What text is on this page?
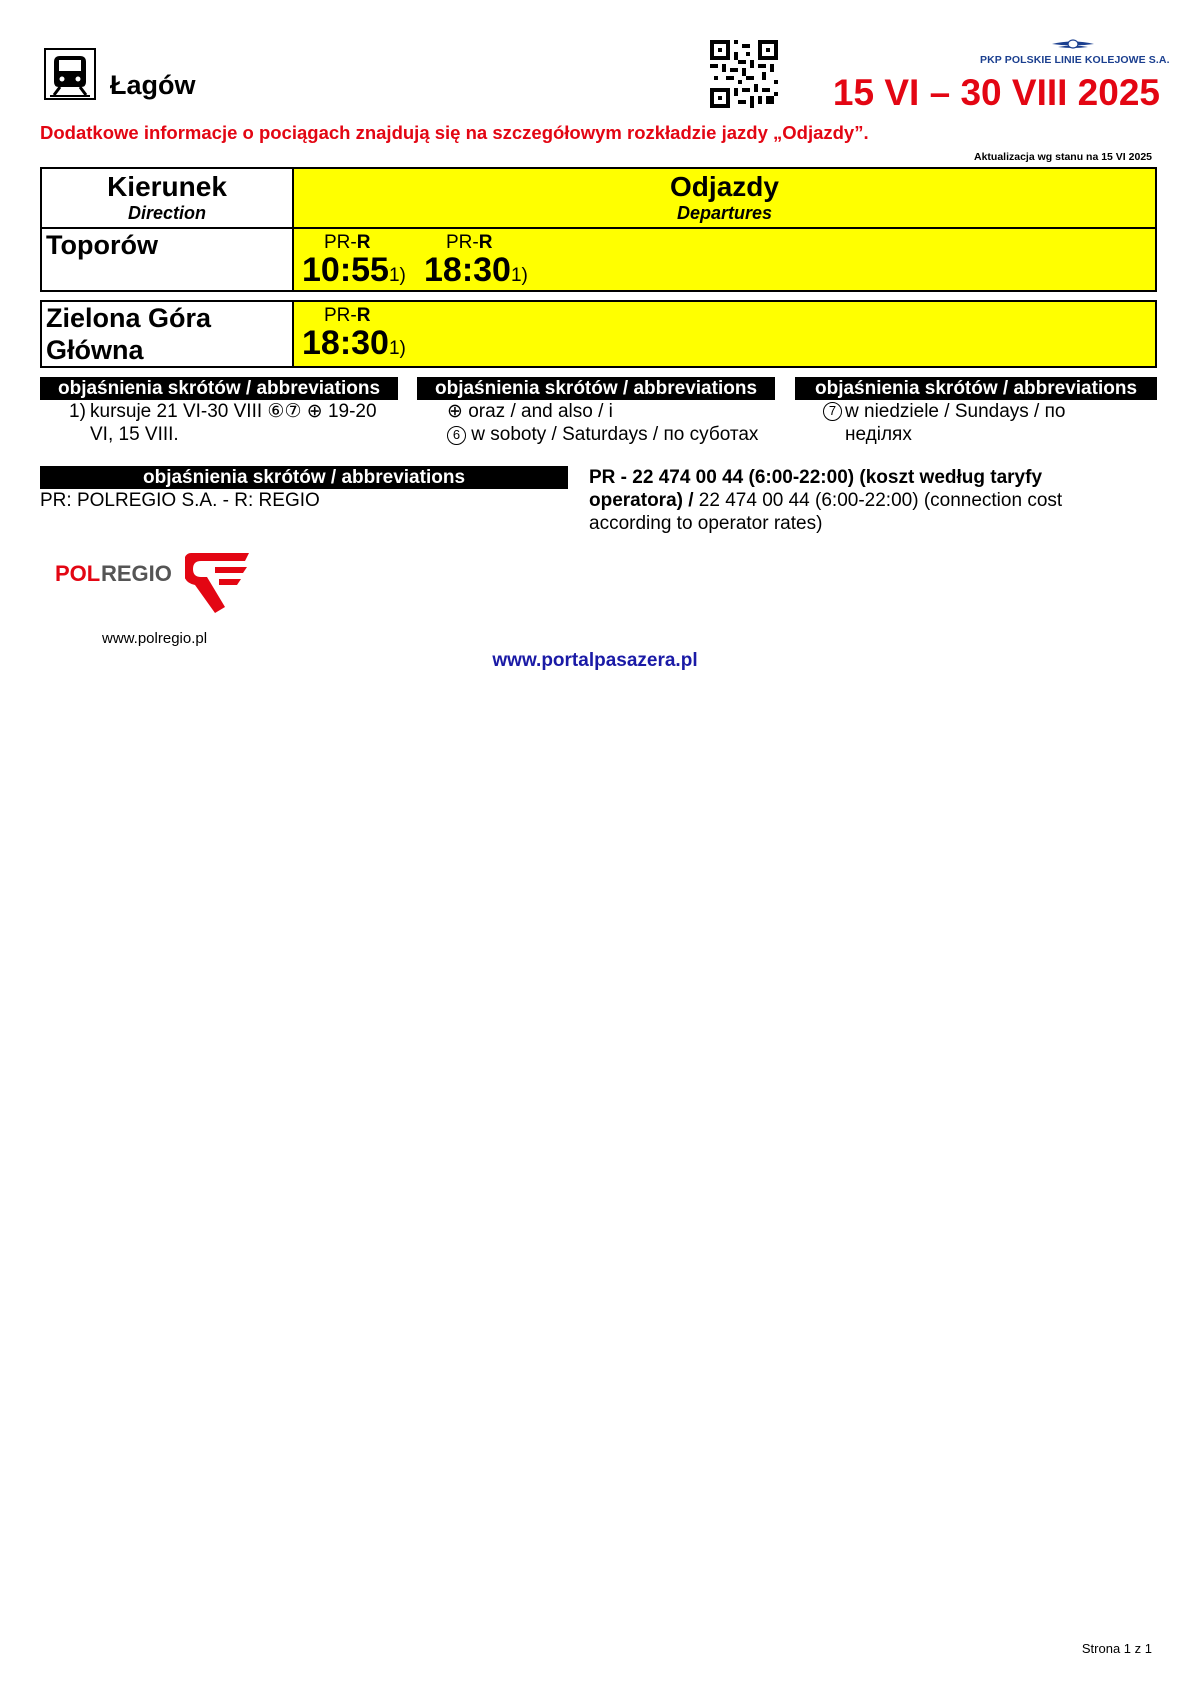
Łagów
PKP POLSKIE LINIE KOLEJOWE S.A.
15 VI – 30 VIII 2025
Dodatkowe informacje o pociągach znajdują się na szczegółowym rozkładzie jazdy „Odjazdy”.
Aktualizacja wg stanu na 15 VI 2025
Kierunek
Direction
Odjazdy
Departures
Toporów	PR-R
10:551)
PR-R
18:301)
Zielona Góra
Główna
PR-R
18:301)
objaśnienia skrótów / abbreviations
1) kursuje 21 VI-30 VIII ⑥⑦ ⊕ 19-20
VI, 15 VIII.
objaśnienia skrótów / abbreviations
⊕ oraz / and also / i
6 w soboty / Saturdays / по суботах
objaśnienia skrótów / abbreviations
7 w niedziele / Sundays / по
неділях
objaśnienia skrótów / abbreviations
PR: POLREGIO S.A. - R: REGIO
PR - 22 474 00 44 (6:00-22:00) (koszt według taryfy operatora) / 22 474 00 44 (6:00-22:00) (connection cost according to operator rates)
POL REGIO
www.polregio.pl
www.portalpasazera.pl
Strona 1 z 1
